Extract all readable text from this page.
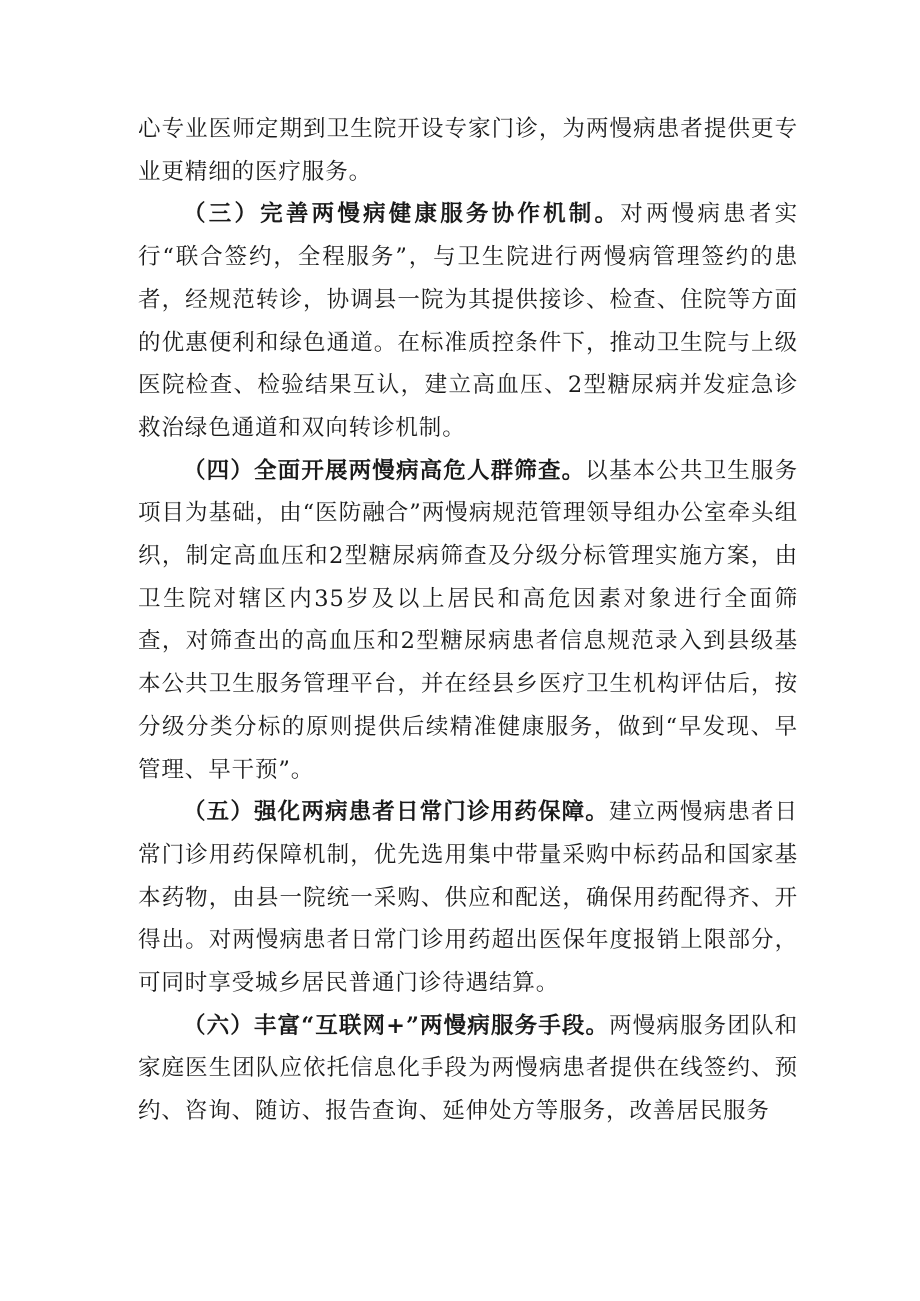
心专业医师定期到卫生院开设专家门诊，为两慢病患者提供更专业更精细的医疗服务。

（三）完善两慢病健康服务协作机制。对两慢病患者实行“联合签约，全程服务”，与卫生院进行两慢病管理签约的患者，经规范转诊，协调县一院为其提供接诊、检查、住院等方面的优惠便利和绿色通道。在标准质控条件下，推动卫生院与上级医院检查、检验结果互认，建立高血压、2型糖尿病并发症急诊救治绿色通道和双向转诊机制。

（四）全面开展两慢病高危人群筛查。以基本公共卫生服务项目为基础，由“医防融合”两慢病规范管理领导组办公室牵头组织，制定高血压和2型糖尿病筛查及分级分标管理实施方案，由卫生院对辖区内35岁及以上居民和高危因素对象进行全面筛查，对筛查出的高血压和2型糖尿病患者信息规范录入到县级基本公共卫生服务管理平台，并在经县乡医疗卫生机构评估后，按分级分类分标的原则提供后续精准健康服务，做到“早发现、早管理、早干预”。

（五）强化两病患者日常门诊用药保障。建立两慢病患者日常门诊用药保障机制，优先选用集中带量采购中标药品和国家基本药物，由县一院统一采购、供应和配送，确保用药配得齐、开得出。对两慢病患者日常门诊用药超出医保年度报销上限部分，可同时享受城乡居民普通门诊待遇结算。

（六）丰富“互联网+”两慢病服务手段。两慢病服务团队和家庭医生团队应依托信息化手段为两慢病患者提供在线签约、预约、咨询、随访、报告查询、延伸处方等服务，改善居民服务
